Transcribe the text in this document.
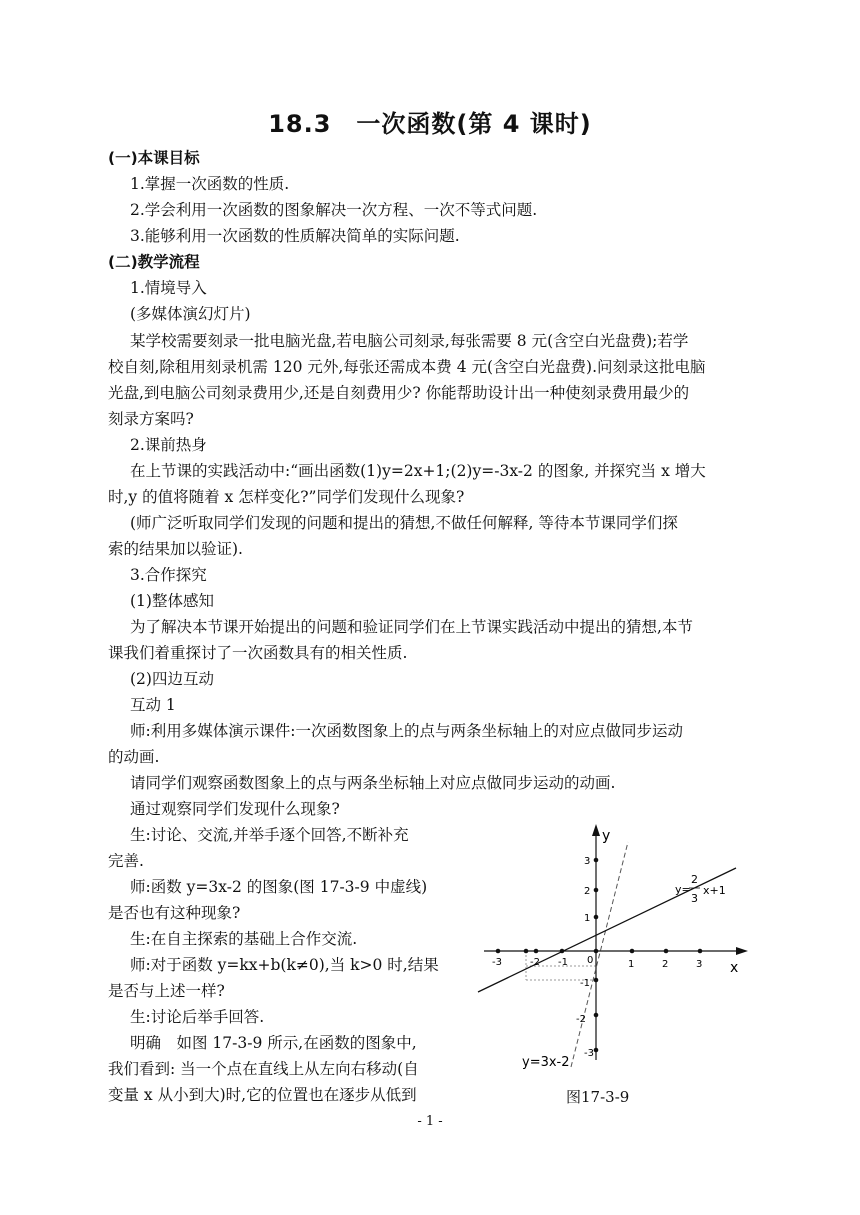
18.3　一次函数(第 4 课时)
(一)本课目标
1.掌握一次函数的性质.
2.学会利用一次函数的图象解决一次方程、一次不等式问题.
3.能够利用一次函数的性质解决简单的实际问题.
(二)教学流程
1.情境导入
(多媒体演幻灯片)
某学校需要刻录一批电脑光盘,若电脑公司刻录,每张需要 8 元(含空白光盘费);若学
校自刻,除租用刻录机需 120 元外,每张还需成本费 4 元(含空白光盘费).问刻录这批电脑
光盘,到电脑公司刻录费用少,还是自刻费用少? 你能帮助设计出一种使刻录费用最少的
刻录方案吗?
2.课前热身
在上节课的实践活动中:“画出函数(1)y=2x+1;(2)y=-3x-2 的图象, 并探究当 x 增大
时,y 的值将随着 x 怎样变化?”同学们发现什么现象?
(师广泛听取同学们发现的问题和提出的猜想,不做任何解释, 等待本节课同学们探
索的结果加以验证).
3.合作探究
(1)整体感知
为了解决本节课开始提出的问题和验证同学们在上节课实践活动中提出的猜想,本节
课我们着重探讨了一次函数具有的相关性质.
(2)四边互动
互动 1
师:利用多媒体演示课件:一次函数图象上的点与两条坐标轴上的对应点做同步运动
的动画.
请同学们观察函数图象上的点与两条坐标轴上对应点做同步运动的动画.
通过观察同学们发现什么现象?
生:讨论、交流,并举手逐个回答,不断补充
完善.
师:函数 y=3x-2 的图象(图 17-3-9 中虚线)
是否也有这种现象?
生:在自主探索的基础上合作交流.
师:对于函数 y=kx+b(k≠0),当 k>0 时,结果
是否与上述一样?
生:讨论后举手回答.
明确　如图 17-3-9 所示,在函数的图象中,
我们看到: 当一个点在直线上从左向右移动(自
变量 x 从小到大)时,它的位置也在逐步从低到
-3	-2 -1 0	1	2	3
3
2
1
-1
-2
-3
x
y
y=
2
3
x+1
y=3x-2
图17-3-9
- 1 -
